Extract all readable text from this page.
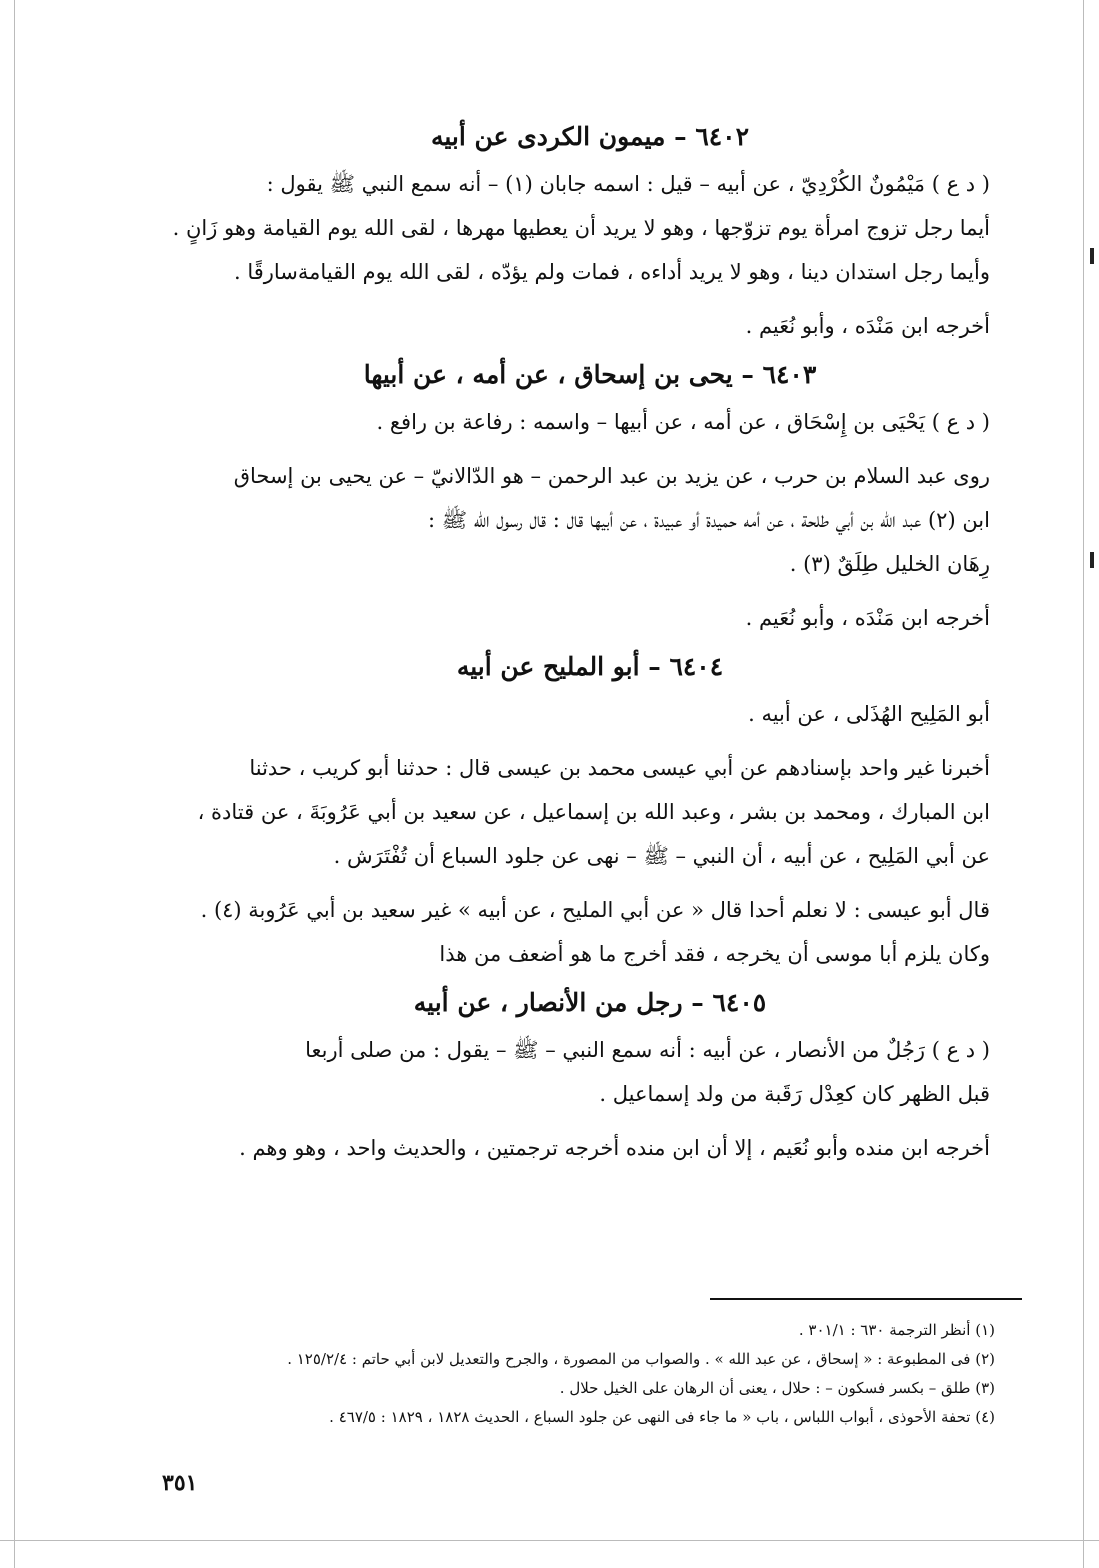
٦٤٠٢ – ميمون الكردى عن أبيه
( د ع ) مَيْمُونٌ الكُرْدِيّ ، عن أبيه – قيل : اسمه جابان (١) – أنه سمع النبي ﷺ يقول :
أيما رجل تزوج امرأة يوم تزوّجها ، وهو لا يريد أن يعطيها مهرها ، لقى الله يوم القيامة وهو زَانٍ .
وأيما رجل استدان دينا ، وهو لا يريد أداءه ، فمات ولم يؤدّه ، لقى الله يوم القيامةسارقًا .
أخرجه ابن مَنْدَه ، وأبو نُعَيم .
٦٤٠٣ – يحى بن إسحاق ، عن أمه ، عن أبيها
( د ع ) يَحْيَى بن إِسْحَاق ، عن أمه ، عن أبيها – واسمه : رفاعة بن رافع .
روى عبد السلام بن حرب ، عن يزيد بن عبد الرحمن – هو الدّالانيّ – عن يحيى بن إسحاق
ابن (٢) عبد الله بن أبي طلحة ، عن أمه حميدة أو عبيدة ، عن أبيها قال : قال رسول الله ﷺ :
رِهَان الخليل طِلَقٌ (٣) .
أخرجه ابن مَنْدَه ، وأبو نُعَيم .
٦٤٠٤ – أبو المليح عن أبيه
أبو المَلِيح الهُذَلى ، عن أبيه .
أخبرنا غير واحد بإسنادهم عن أبي عيسى محمد بن عيسى قال : حدثنا أبو كريب ، حدثنا
ابن المبارك ، ومحمد بن بشر ، وعبد الله بن إسماعيل ، عن سعيد بن أبي عَرُوبَةَ ، عن قتادة ،
عن أبي المَلِيح ، عن أبيه ، أن النبي – ﷺ – نهى عن جلود السباع أن تُفْتَرَش .
قال أبو عيسى : لا نعلم أحدا قال « عن أبي المليح ، عن أبيه » غير سعيد بن أبي عَرُوبة (٤) .
وكان يلزم أبا موسى أن يخرجه ، فقد أخرج ما هو أضعف من هذا
٦٤٠٥ – رجل من الأنصار ، عن أبيه
( د ع ) رَجُلٌ من الأنصار ، عن أبيه : أنه سمع النبي – ﷺ – يقول : من صلى أربعا
قبل الظهر كان كعِدْل رَقَبة من ولد إسماعيل .
أخرجه ابن منده وأبو نُعَيم ، إلا أن ابن منده أخرجه ترجمتين ، والحديث واحد ، وهو وهم .
(١) أنظر الترجمة ٦٣٠ : ٣٠١/١ .
(٢) فى المطبوعة : « إسحاق ، عن عبد الله » . والصواب من المصورة ، والجرح والتعديل لابن أبي حاتم : ١٢٥/٢/٤ .
(٣) طلق – بكسر فسكون – : حلال ، يعنى أن الرهان على الخيل حلال .
(٤) تحفة الأحوذى ، أبواب اللباس ، باب « ما جاء فى النهى عن جلود السباع ، الحديث ١٨٢٨ ، ١٨٢٩ : ٤٦٧/٥ .
٣٥١
